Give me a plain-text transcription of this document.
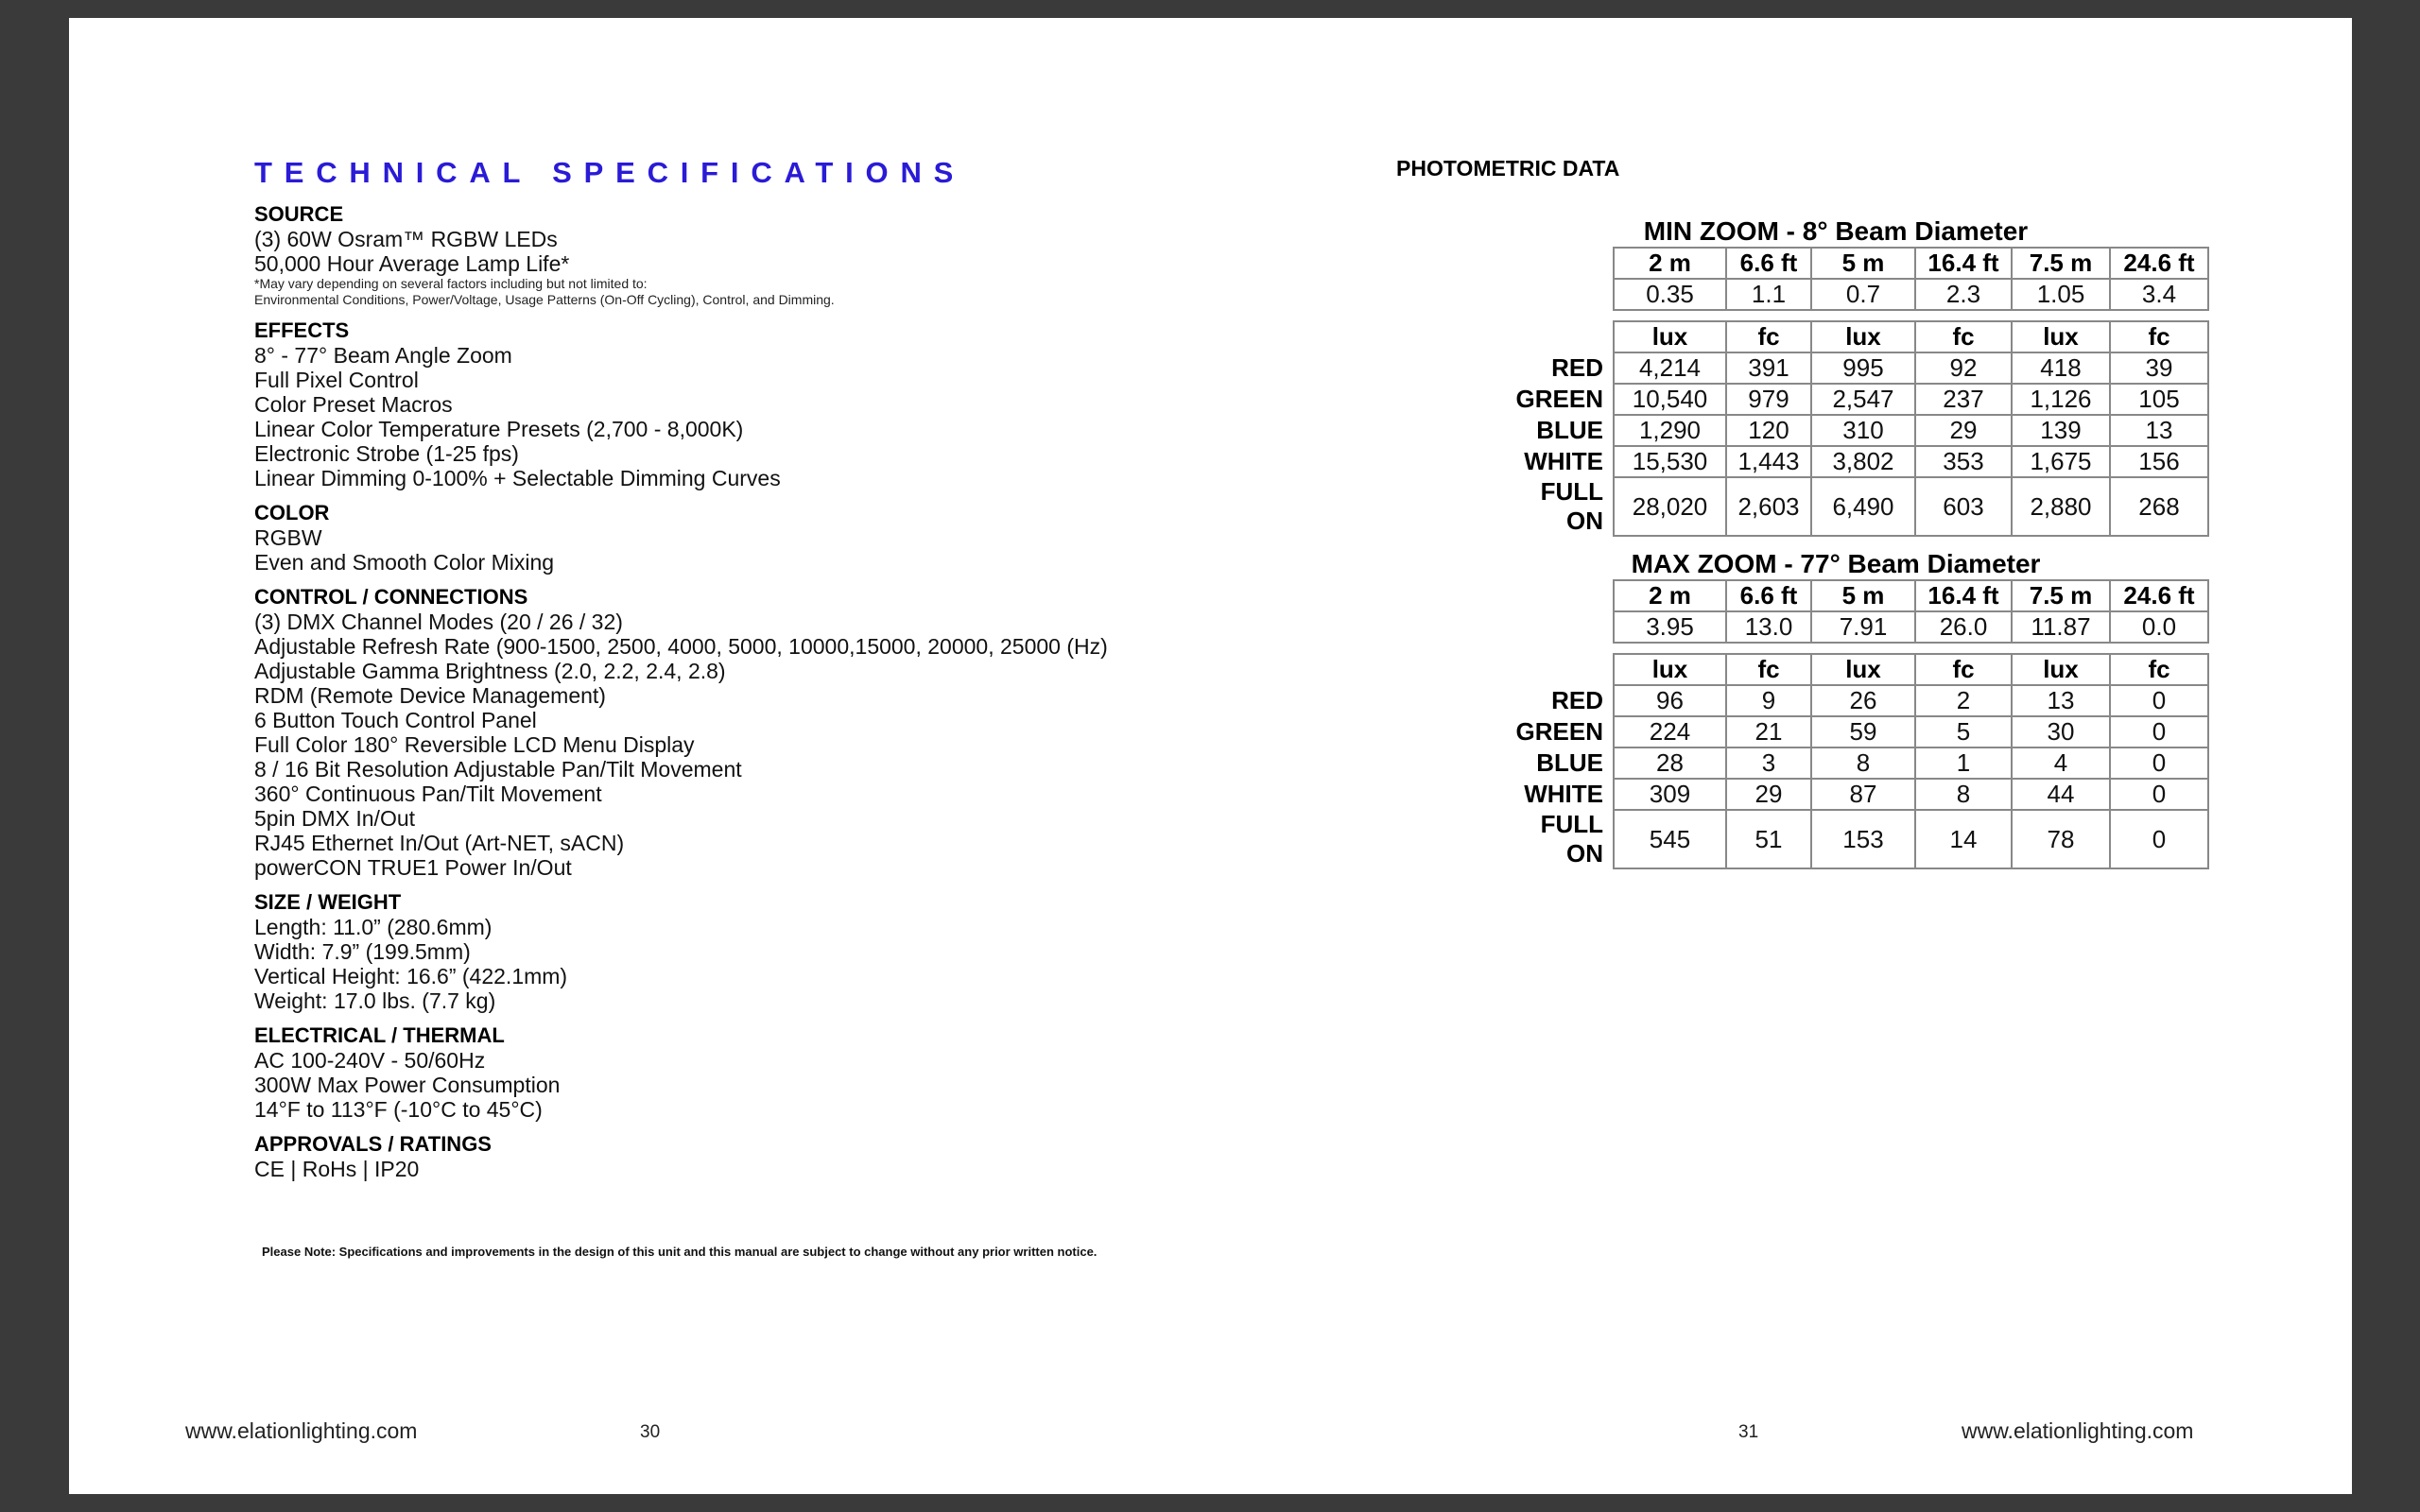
TECHNICAL SPECIFICATIONS
SOURCE
(3) 60W Osram™ RGBW LEDs
50,000 Hour Average Lamp Life*
*May vary depending on several factors including but not limited to:
Environmental Conditions, Power/Voltage, Usage Patterns (On-Off Cycling), Control, and Dimming.
EFFECTS
8° - 77° Beam Angle Zoom
Full Pixel Control
Color Preset Macros
Linear Color Temperature Presets (2,700 - 8,000K)
Electronic Strobe (1-25 fps)
Linear Dimming 0-100% + Selectable Dimming Curves
COLOR
RGBW
Even and Smooth Color Mixing
CONTROL / CONNECTIONS
(3) DMX Channel Modes (20 / 26 / 32)
Adjustable Refresh Rate (900-1500, 2500, 4000, 5000, 10000,15000, 20000, 25000 (Hz)
Adjustable Gamma Brightness (2.0, 2.2, 2.4, 2.8)
RDM (Remote Device Management)
6 Button Touch Control Panel
Full Color 180° Reversible LCD Menu Display
8 / 16 Bit Resolution Adjustable Pan/Tilt Movement
360° Continuous Pan/Tilt Movement
5pin DMX In/Out
RJ45 Ethernet In/Out (Art-NET, sACN)
powerCON TRUE1 Power In/Out
SIZE / WEIGHT
Length: 11.0” (280.6mm)
Width: 7.9” (199.5mm)
Vertical Height: 16.6” (422.1mm)
Weight: 17.0 lbs. (7.7 kg)
ELECTRICAL / THERMAL
AC 100-240V - 50/60Hz
300W Max Power Consumption
14°F to 113°F (-10°C to 45°C)
APPROVALS / RATINGS
CE | RoHs | IP20
Please Note: Specifications and improvements in the design of this unit and this manual are subject to change without any prior written notice.
www.elationlighting.com	30
PHOTOMETRIC DATA
MIN ZOOM - 8° Beam Diameter
2 m	6.6 ft	5 m	16.4 ft	7.5 m	24.6 ft
0.35	1.1	0.7	2.3	1.05	3.4
	lux	fc	lux	fc	lux	fc
RED	4,214	391	995	92	418	39
GREEN	10,540	979	2,547	237	1,126	105
BLUE	1,290	120	310	29	139	13
WHITE	15,530	1,443	3,802	353	1,675	156
FULL ON	28,020	2,603	6,490	603	2,880	268
MAX ZOOM - 77° Beam Diameter
2 m	6.6 ft	5 m	16.4 ft	7.5 m	24.6 ft
3.95	13.0	7.91	26.0	11.87	0.0
	lux	fc	lux	fc	lux	fc
RED	96	9	26	2	13	0
GREEN	224	21	59	5	30	0
BLUE	28	3	8	1	4	0
WHITE	309	29	87	8	44	0
FULL ON	545	51	153	14	78	0
31	www.elationlighting.com
